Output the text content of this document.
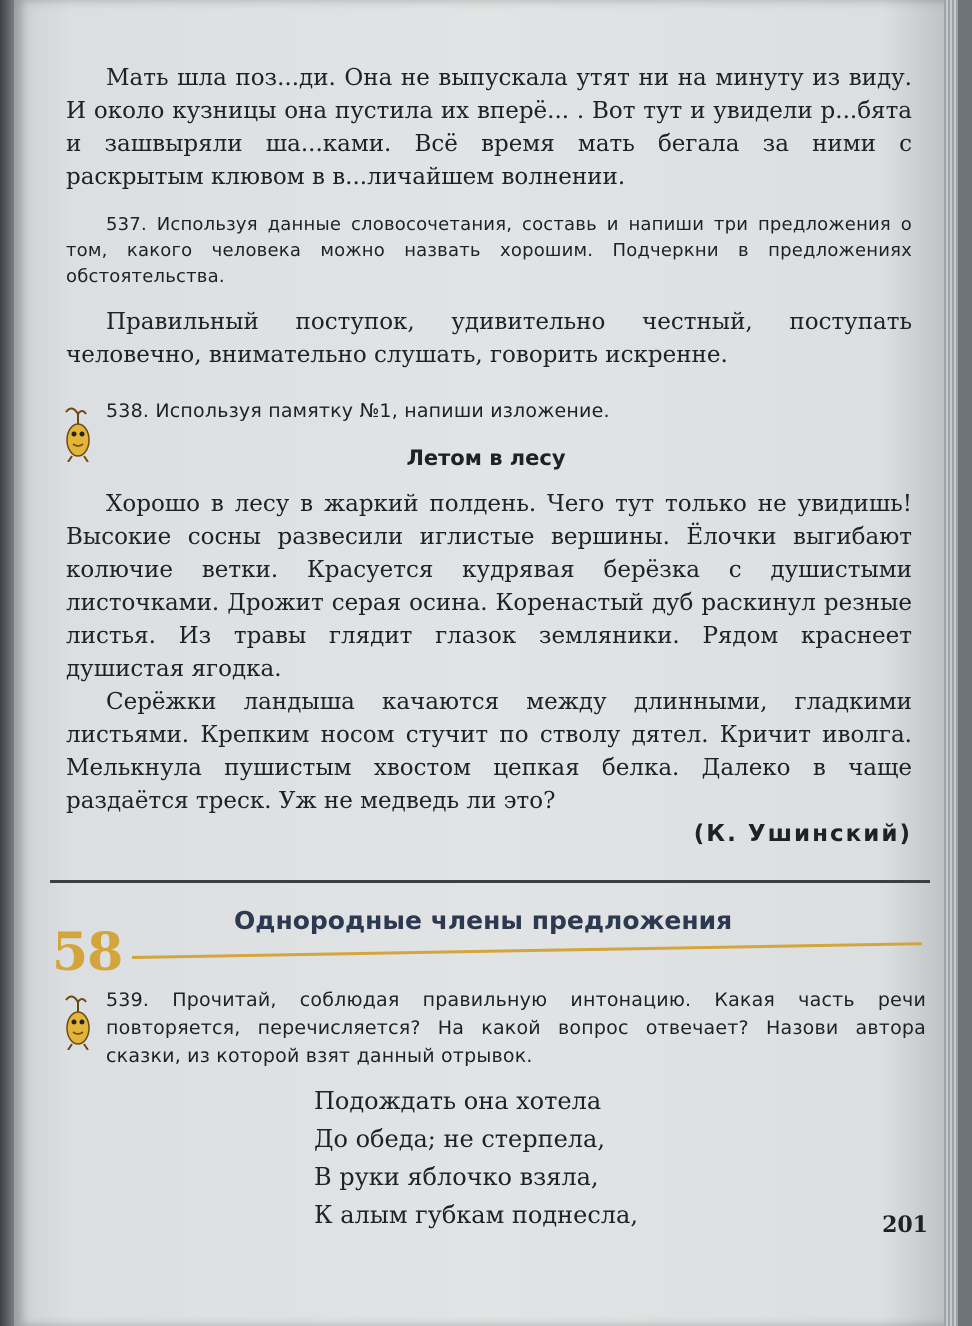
Мать шла поз...ди. Она не выпускала утят ни на минуту из виду. И около кузницы она пустила их вперё... . Вот тут и увидели р...бята и зашвыряли ша...ками. Всё время мать бегала за ними с раскрытым клювом в в...личайшем волнении.

537. Используя данные словосочетания, составь и напиши три предложения о том, какого человека можно назвать хорошим. Подчеркни в предложениях обстоятельства.

Правильный поступок, удивительно честный, поступать человечно, внимательно слушать, говорить искренне.

538. Используя памятку №1, напиши изложение.

Летом в лесу

Хорошо в лесу в жаркий полдень. Чего тут только не увидишь! Высокие сосны развесили иглистые вершины. Ёлочки выгибают колючие ветки. Красуется кудрявая берёзка с душистыми листочками. Дрожит серая осина. Коренастый дуб раскинул резные листья. Из травы глядит глазок земляники. Рядом краснеет душистая ягодка.

Серёжки ландыша качаются между длинными, гладкими листьями. Крепким носом стучит по стволу дятел. Кричит иволга. Мелькнула пушистым хвостом цепкая белка. Далеко в чаще раздаётся треск. Уж не медведь ли это?

(К. Ушинский)
58
Однородные члены предложения

539. Прочитай, соблюдая правильную интонацию. Какая часть речи повторяется, перечисляется? На какой вопрос отвечает? Назови автора сказки, из которой взят данный отрывок.

Подождать она хотела
До обеда; не стерпела,
В руки яблочко взяла,
К алым губкам поднесла,	201
